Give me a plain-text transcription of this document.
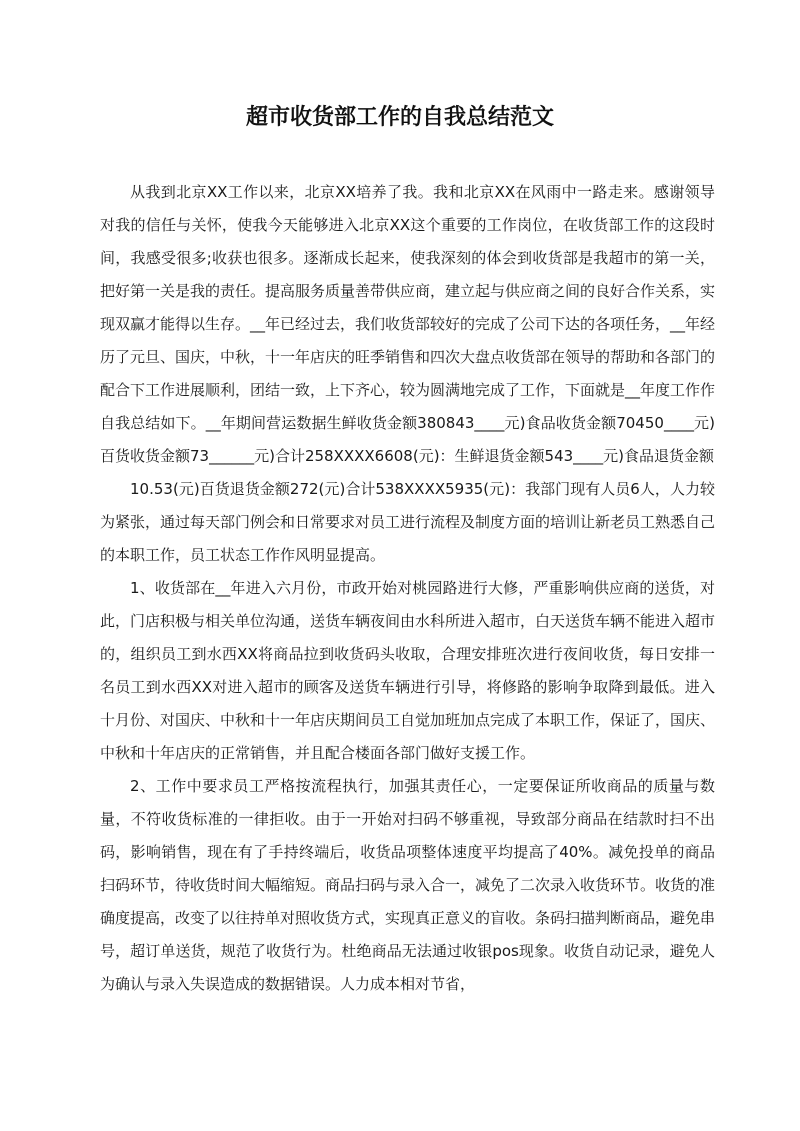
超市收货部工作的自我总结范文

从我到北京XX工作以来，北京XX培养了我。我和北京XX在风雨中一路走来。感谢领导对我的信任与关怀，使我今天能够进入北京XX这个重要的工作岗位，在收货部工作的这段时间，我感受很多;收获也很多。逐渐成长起来，使我深刻的体会到收货部是我超市的第一关，把好第一关是我的责任。提高服务质量善带供应商，建立起与供应商之间的良好合作关系，实现双赢才能得以生存。__年已经过去，我们收货部较好的完成了公司下达的各项任务，__年经历了元旦、国庆，中秋，十一年店庆的旺季销售和四次大盘点收货部在领导的帮助和各部门的配合下工作进展顺利，团结一致，上下齐心，较为圆满地完成了工作，下面就是__年度工作作自我总结如下。__年期间营运数据生鲜收货金额380843____元)食品收货金额70450____元)百货收货金额73______元)合计258XXXX6608(元)：生鲜退货金额543____元)食品退货金额

10.53(元)百货退货金额272(元)合计538XXXX5935(元)：我部门现有人员6人，人力较为紧张，通过每天部门例会和日常要求对员工进行流程及制度方面的培训让新老员工熟悉自己的本职工作，员工状态工作作风明显提高。

1、收货部在__年进入六月份，市政开始对桃园路进行大修，严重影响供应商的送货，对此，门店积极与相关单位沟通，送货车辆夜间由水科所进入超市，白天送货车辆不能进入超市的，组织员工到水西XX将商品拉到收货码头收取，合理安排班次进行夜间收货，每日安排一名员工到水西XX对进入超市的顾客及送货车辆进行引导，将修路的影响争取降到最低。进入十月份、对国庆、中秋和十一年店庆期间员工自觉加班加点完成了本职工作，保证了，国庆、中秋和十年店庆的正常销售，并且配合楼面各部门做好支援工作。

2、工作中要求员工严格按流程执行，加强其责任心，一定要保证所收商品的质量与数量，不符收货标准的一律拒收。由于一开始对扫码不够重视，导致部分商品在结款时扫不出码，影响销售，现在有了手持终端后，收货品项整体速度平均提高了40%。减免投单的商品扫码环节，待收货时间大幅缩短。商品扫码与录入合一，减免了二次录入收货环节。收货的准确度提高，改变了以往持单对照收货方式，实现真正意义的盲收。条码扫描判断商品，避免串号，超订单送货，规范了收货行为。杜绝商品无法通过收银pos现象。收货自动记录，避免人为确认与录入失误造成的数据错误。人力成本相对节省，
